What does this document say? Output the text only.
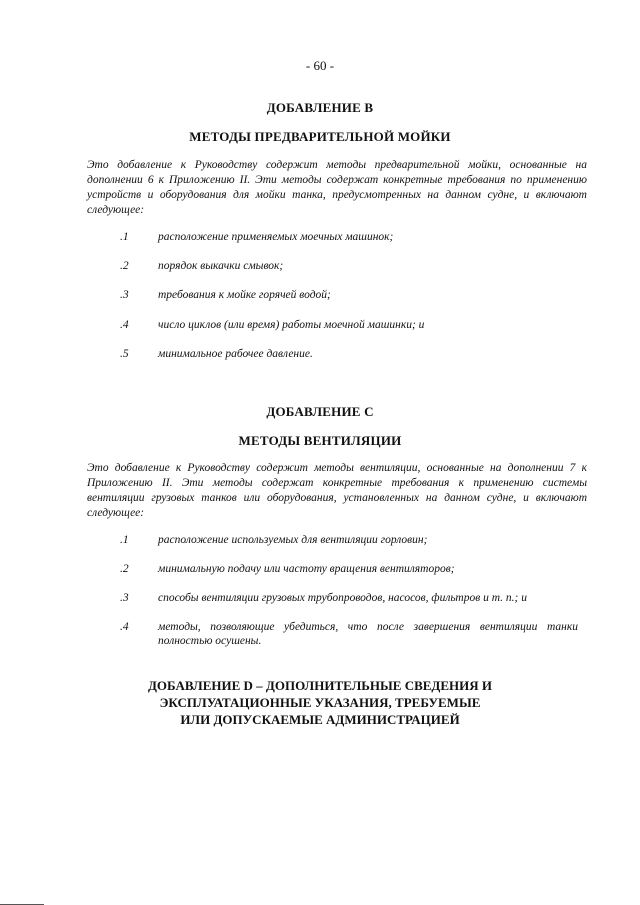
- 60 -
ДОБАВЛЕНИЕ B
МЕТОДЫ ПРЕДВАРИТЕЛЬНОЙ МОЙКИ
Это добавление к Руководству содержит методы предварительной мойки, основанные на дополнении 6 к Приложению II. Эти методы содержат конкретные требования по применению устройств и оборудования для мойки танка, предусмотренных на данном судне, и включают следующее:
.1	расположение применяемых моечных машинок;
.2	порядок выкачки смывок;
.3	требования к мойке горячей водой;
.4	число циклов (или время) работы моечной машинки; и
.5	минимальное рабочее давление.
ДОБАВЛЕНИЕ C
МЕТОДЫ ВЕНТИЛЯЦИИ
Это добавление к Руководству содержит методы вентиляции, основанные на дополнении 7 к Приложению II. Эти методы содержат конкретные требования к применению системы вентиляции грузовых танков или оборудования, установленных на данном судне, и включают следующее:
.1	расположение используемых для вентиляции горловин;
.2	минимальную подачу или частоту вращения вентиляторов;
.3	способы вентиляции грузовых трубопроводов, насосов, фильтров и т. п.; и
.4	методы, позволяющие убедиться, что после завершения вентиляции танки полностью осушены.
ДОБАВЛЕНИЕ D – ДОПОЛНИТЕЛЬНЫЕ СВЕДЕНИЯ И
ЭКСПЛУАТАЦИОННЫЕ УКАЗАНИЯ, ТРЕБУЕМЫЕ
ИЛИ ДОПУСКАЕМЫЕ АДМИНИСТРАЦИЕЙ
